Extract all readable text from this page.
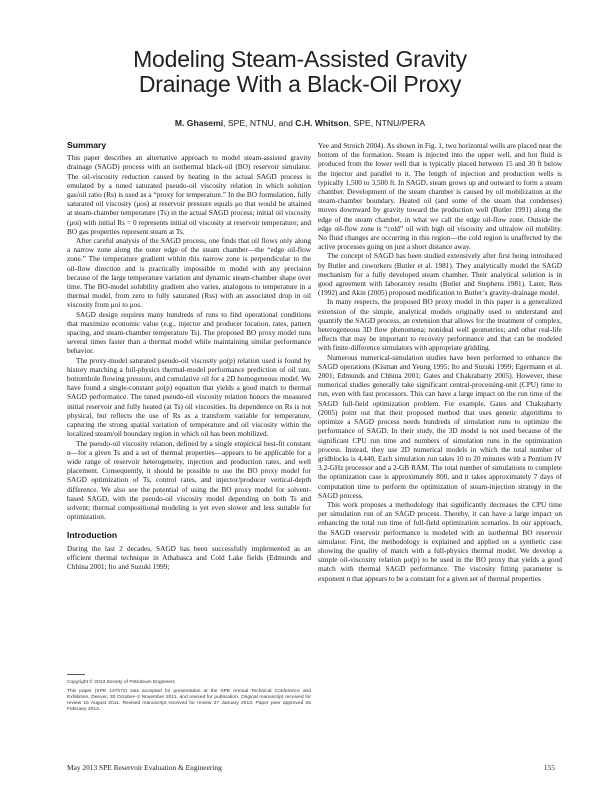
Modeling Steam-Assisted Gravity
Drainage With a Black-Oil Proxy
M. Ghasemi, SPE, NTNU, and C.H. Whitson, SPE, NTNU/PERA
Summary

This paper describes an alternative approach to model steam-assisted gravity drainage (SAGD) process with an isothermal black-oil (BO) reservoir simulator. The oil-viscosity reduction caused by heating in the actual SAGD process is emulated by a tuned saturated pseudo-oil viscosity relation in which solution gas/oil ratio (Rs) is used as a “proxy for temperature.” In the BO formulation, fully saturated oil viscosity (μos) at reservoir pressure equals μo that would be attained at steam-chamber temperature (Ts) in the actual SAGD process; initial oil viscosity (μoi) with initial Rs = 0 represents initial oil viscosity at reservoir temperature; and BO gas properties represent steam at Ts.

After careful analysis of the SAGD process, one finds that oil flows only along a narrow zone along the outer edge of the steam chamber—the “edge oil-flow zone.” The temperature gradient within this narrow zone is perpendicular to the oil-flow direction and is practically impossible to model with any precision because of the large temperature variation and dynamic steam-chamber shape over time. The BO-model solubility gradient also varies, analogous to temperature in a thermal model, from zero to fully saturated (Rss) with an associated drop in oil viscosity from μoi to μos.

SAGD design requires many hundreds of runs to find operational conditions that maximize economic value (e.g., injector and producer location, rates, pattern spacing, and steam-chamber temperature Ts). The proposed BO proxy model runs several times faster than a thermal model while maintaining similar performance behavior.

The proxy-model saturated pseudo-oil viscosity μo(p) relation used is found by history matching a full-physics thermal-model performance prediction of oil rate, bottomhole flowing pressure, and cumulative oil for a 2D homogeneous model. We have found a single-constant μo(p) equation that yields a good match to thermal SAGD performance. The tuned pseudo-oil viscosity relation honors the measured initial reservoir and fully heated (at Ts) oil viscosities. Its dependence on Rs is not physical, but reflects the use of Rs as a transform variable for temperature, capturing the strong spatial variation of temperature and oil viscosity within the localized steam/oil boundary region in which oil has been mobilized.

The pseudo-oil viscosity relation, defined by a single empirical best-fit constant n—for a given Ts and a set of thermal properties—appears to be applicable for a wide range of reservoir heterogeneity, injection and production rates, and well placement. Consequently, it should be possible to use the BO proxy model for SAGD optimization of Ts, control rates, and injector/producer vertical-depth difference. We also see the potential of using the BO proxy model for solvent-based SAGD, with the pseudo-oil viscosity model depending on both Ts and solvent; thermal compositional modeling is yet even slower and less suitable for optimization.

Introduction

During the last 2 decades, SAGD has been successfully implemented as an efficient thermal technique in Athabasca and Cold Lake fields (Edmunds and Chhina 2001; Ito and Suzuki 1999;

Copyright © 2013 Society of Petroleum Engineers
This paper (SPE 147072) was accepted for presentation at the SPE Annual Technical Conference and Exhibition, Denver, 30 October–2 November 2011, and revised for publication. Original manuscript received for review 15 August 2011. Revised manuscript received for review 27 January 2013. Paper peer approved 25 February 2013.

Yee and Stroich 2004). As shown in Fig. 1, two horizontal wells are placed near the bottom of the formation. Steam is injected into the upper well, and hot fluid is produced from the lower well that is typically placed between 15 and 30 ft below the injector and parallel to it. The length of injection and production wells is typically 1,500 to 3,500 ft. In SAGD, steam grows up and outward to form a steam chamber. Development of the steam chamber is caused by oil mobilization at the steam-chamber boundary. Heated oil (and some of the steam that condenses) moves downward by gravity toward the production well (Butler 1991) along the edge of the steam chamber, in what we call the edge oil-flow zone. Outside the edge oil-flow zone is “cold” oil with high oil viscosity and ultralow oil mobility. No fluid changes are occurring in this region—the cold region is unaffected by the active processes going on just a short distance away.

The concept of SAGD has been studied extensively after first being introduced by Butler and coworkers (Butler et al. 1981). They analytically model the SAGD mechanism for a fully developed steam chamber. Their analytical solution is in good agreement with laboratory results (Butler and Stephens 1981). Later, Reis (1992) and Akin (2005) proposed modification to Butler’s gravity-drainage model.

In many respects, the proposed BO proxy model in this paper is a generalized extension of the simple, analytical models originally used to understand and quantify the SAGD process, an extension that allows for the treatment of complex, heterogeneous 3D flow phenomena; nonideal well geometries; and other real-life effects that may be important to recovery performance and that can be modeled with finite-difference simulators with appropriate gridding.

Numerous numerical-simulation studies have been performed to enhance the SAGD operations (Kisman and Yeung 1995; Ito and Suzuki 1999; Egermann et al. 2001; Edmunds and Chhina 2001; Gates and Chakrabarty 2005). However, these numerical studies generally take significant central-processing-unit (CPU) time to run, even with fast processors. This can have a large impact on the run time of the SAGD full-field optimization problem. For example, Gates and Chakrabarty (2005) point out that their proposed method that uses genetic algorithms to optimize a SAGD process needs hundreds of simulation runs to optimize the performance of SAGD. In their study, the 3D model is not used because of the significant CPU run time and numbers of simulation runs in the optimization process. Instead, they use 2D numerical models in which the total number of gridblocks is 4,440. Each simulation run takes 10 to 20 minutes with a Pentium IV 3.2-GHz processor and a 2-GB RAM. The total number of simulations to complete the optimization case is approximately 800, and it takes approximately 7 days of computation time to perform the optimization of steam-injection strategy in the SAGD process.

This work proposes a methodology that significantly decreases the CPU time per simulation run of an SAGD process. Thereby, it can have a large impact on enhancing the total run time of full-field optimization scenarios. In our approach, the SAGD reservoir performance is modeled with an isothermal BO reservoir simulator. First, the methodology is explained and applied on a synthetic case showing the quality of match with a full-physics thermal model. We develop a simple oil-viscosity relation μo(p) to be used in the BO proxy that yields a good match with thermal SAGD performance. The viscosity fitting parameter is exponent n that appears to be a constant for a given set of thermal properties

May 2013 SPE Reservoir Evaluation & Engineering	155
